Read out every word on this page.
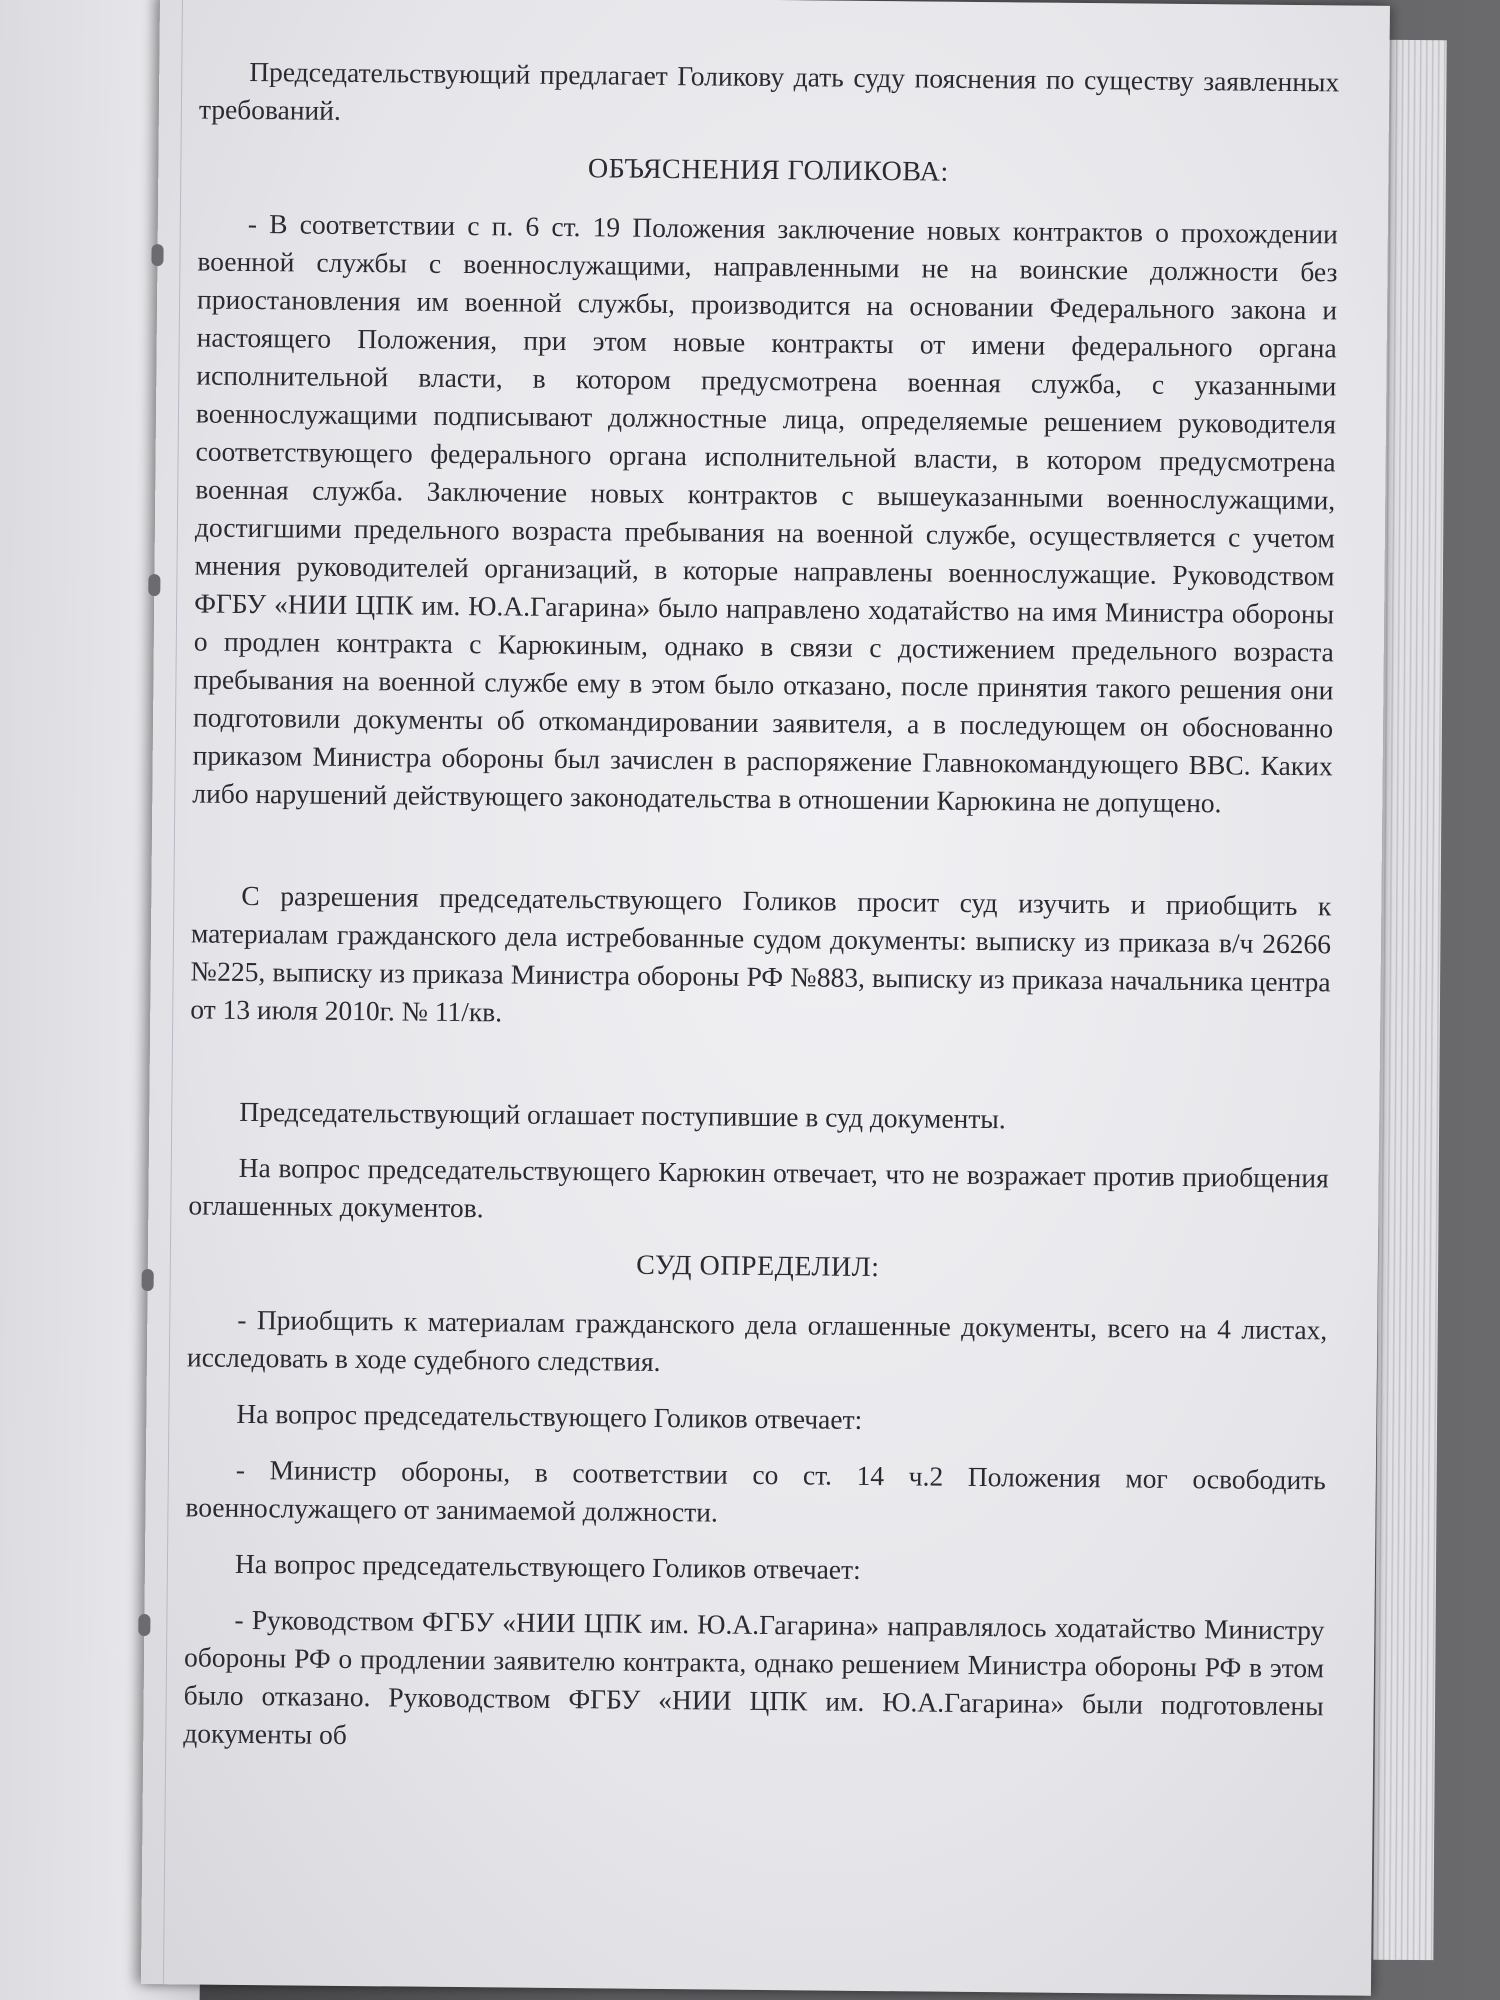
Председательствующий предлагает Голикову дать суду пояснения по существу заявленных требований.

ОБЪЯСНЕНИЯ ГОЛИКОВА:

- В соответствии с п. 6 ст. 19 Положения заключение новых контрактов о прохождении военной службы с военнослужащими, направленными не на воинские должности без приостановления им военной службы, производится на основании Федерального закона и настоящего Положения, при этом новые контракты от имени федерального органа исполнительной власти, в котором предусмотрена военная служба, с указанными военнослужащими подписывают должностные лица, определяемые решением руководителя соответствующего федерального органа исполнительной власти, в котором предусмотрена военная служба. Заключение новых контрактов с вышеуказанными военнослужащими, достигшими предельного возраста пребывания на военной службе, осуществляется с учетом мнения руководителей организаций, в которые направлены военнослужащие. Руководством ФГБУ «НИИ ЦПК им. Ю.А.Гагарина» было направлено ходатайство на имя Министра обороны о продлен контракта с Карюкиным, однако в связи с достижением предельного возраста пребывания на военной службе ему в этом было отказано, после принятия такого решения они подготовили документы об откомандировании заявителя, а в последующем он обоснованно приказом Министра обороны был зачислен в распоряжение Главнокомандующего ВВС. Каких либо нарушений действующего законодательства в отношении Карюкина не допущено.

С разрешения председательствующего Голиков просит суд изучить и приобщить к материалам гражданского дела истребованные судом документы: выписку из приказа в/ч 26266 №225, выписку из приказа Министра обороны РФ №883, выписку из приказа начальника центра от 13 июля 2010г. № 11/кв.

Председательствующий оглашает поступившие в суд документы.

На вопрос председательствующего Карюкин отвечает, что не возражает против приобщения оглашенных документов.

СУД ОПРЕДЕЛИЛ:

- Приобщить к материалам гражданского дела оглашенные документы, всего на 4 листах, исследовать в ходе судебного следствия.

На вопрос председательствующего Голиков отвечает:

- Министр обороны, в соответствии со ст. 14 ч.2 Положения мог освободить военнослужащего от занимаемой должности.

На вопрос председательствующего Голиков отвечает:

- Руководством ФГБУ «НИИ ЦПК им. Ю.А.Гагарина» направлялось ходатайство Министру обороны РФ о продлении заявителю контракта, однако решением Министра обороны РФ в этом было отказано. Руководством ФГБУ «НИИ ЦПК им. Ю.А.Гагарина» были подготовлены документы об
